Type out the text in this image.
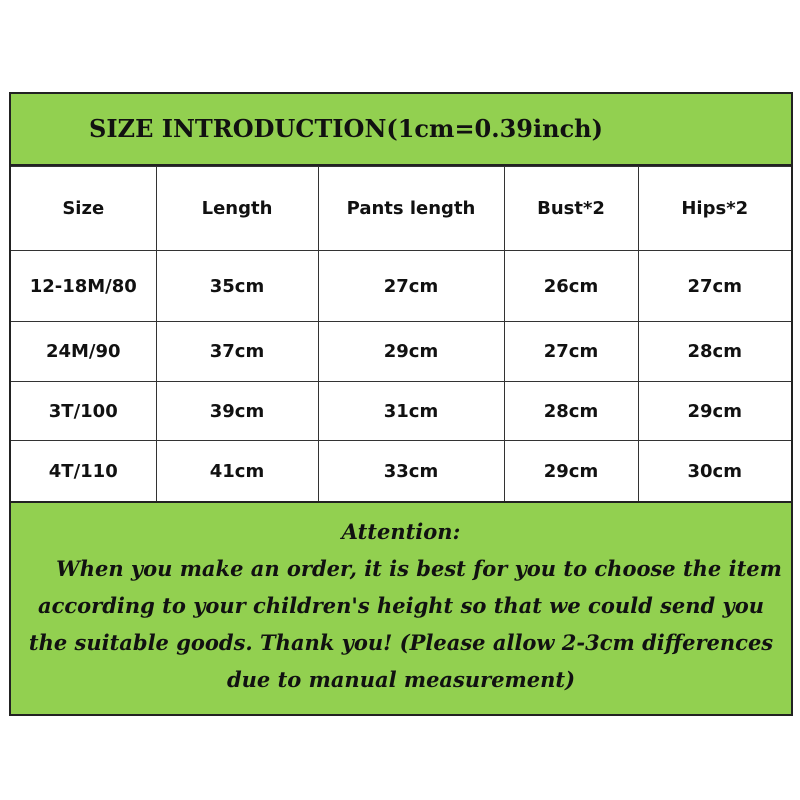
SIZE INTRODUCTION(1cm=0.39inch)
Size	Length	Pants length	Bust*2	Hips*2
12-18M/80	35cm	27cm	26cm	27cm
24M/90	37cm	29cm	27cm	28cm
3T/100	39cm	31cm	28cm	29cm
4T/110	41cm	33cm	29cm	30cm
Attention:
When you make an order, it is best for you to choose the item according to your children's height so that we could send you the suitable goods. Thank you! (Please allow 2-3cm differences due to manual measurement)
